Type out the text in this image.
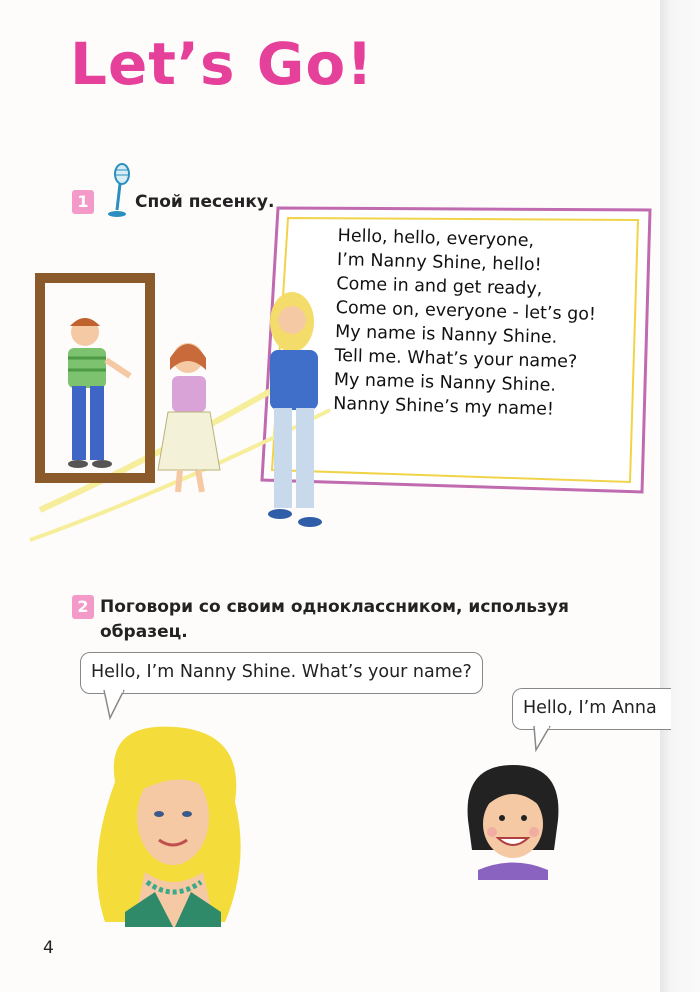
Let’s Go!
1	Спой песенку.
Hello, hello, everyone,
I’m Nanny Shine, hello!
Come in and get ready,
Come on, everyone - let’s go!
My name is Nanny Shine.
Tell me. What’s your name?
My name is Nanny Shine.
Nanny Shine’s my name!
2 Поговори со своим одноклассником, используя
образец.
Hello, I’m Nanny Shine. What’s your name?
Hello, I’m Anna
4
